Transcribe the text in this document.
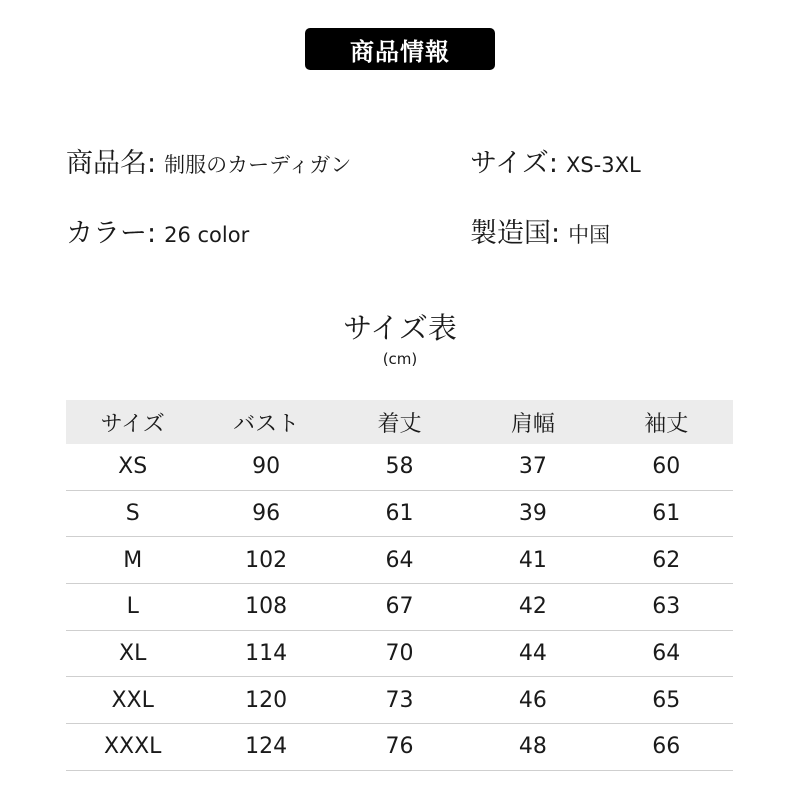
商品情報
商品名: 制服のカーディガン	サイズ: XS-3XL
カラー: 26 color	製造国: 中国
サイズ表
(cm)
サイズ	バスト	着丈	肩幅	袖丈
XS	90	58	37	60
S	96	61	39	61
M	102	64	41	62
L	108	67	42	63
XL	114	70	44	64
XXL	120	73	46	65
XXXL	124	76	48	66
